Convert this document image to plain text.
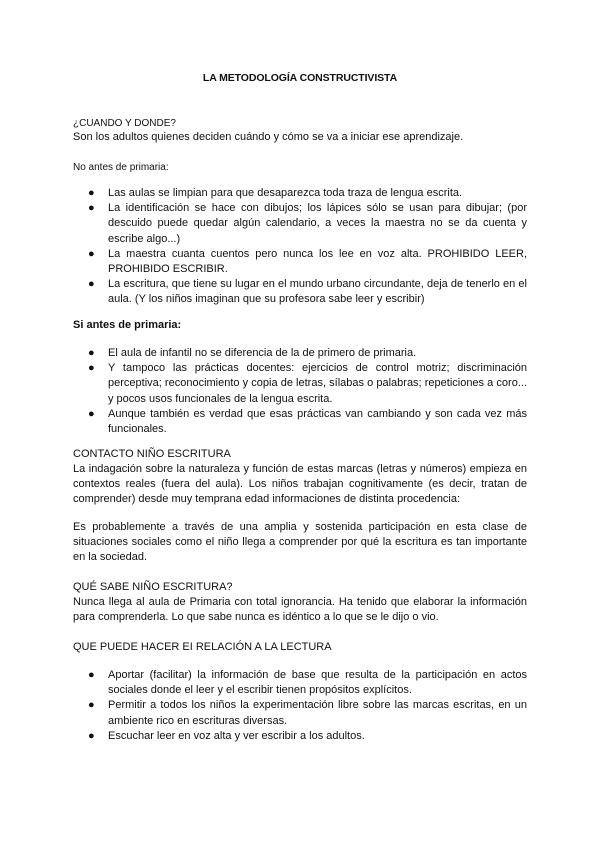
LA METODOLOGÍA CONSTRUCTIVISTA
¿CUANDO Y DONDE?
Son los adultos quienes deciden cuándo y cómo se va a iniciar ese aprendizaje.
No antes de primaria:
● Las aulas se limpian para que desaparezca toda traza de lengua escrita.
● La identificación se hace con dibujos; los lápices sólo se usan para dibujar; (por descuido puede quedar algún calendario, a veces la maestra no se da cuenta y escribe algo...)
● La maestra cuanta cuentos pero nunca los lee en voz alta. PROHIBIDO LEER, PROHIBIDO ESCRIBIR.
● La escritura, que tiene su lugar en el mundo urbano circundante, deja de tenerlo en el aula. (Y los niños imaginan que su profesora sabe leer y escribir)
Si antes de primaria:
● El aula de infantil no se diferencia de la de primero de primaria.
● Y tampoco las prácticas docentes: ejercicios de control motriz; discriminación perceptiva; reconocimiento y copia de letras, sílabas o palabras; repeticiones a coro... y pocos usos funcionales de la lengua escrita.
● Aunque también es verdad que esas prácticas van cambiando y son cada vez más funcionales.
CONTACTO NIÑO ESCRITURA
La indagación sobre la naturaleza y función de estas marcas (letras y números) empieza en contextos reales (fuera del aula). Los niños trabajan cognitivamente (es decir, tratan de comprender) desde muy temprana edad informaciones de distinta procedencia:
Es probablemente a través de una amplia y sostenida participación en esta clase de situaciones sociales como el niño llega a comprender por qué la escritura es tan importante en la sociedad.
QUÉ SABE NIÑO ESCRITURA?
Nunca llega al aula de Primaria con total ignorancia. Ha tenido que elaborar la información para comprenderla. Lo que sabe nunca es idéntico a lo que se le dijo o vio.
QUE PUEDE HACER EI RELACIÓN A LA LECTURA
● Aportar (facilitar) la información de base que resulta de la participación en actos sociales donde el leer y el escribir tienen propósitos explícitos.
● Permitir a todos los niños la experimentación libre sobre las marcas escritas, en un ambiente rico en escrituras diversas.
● Escuchar leer en voz alta y ver escribir a los adultos.
